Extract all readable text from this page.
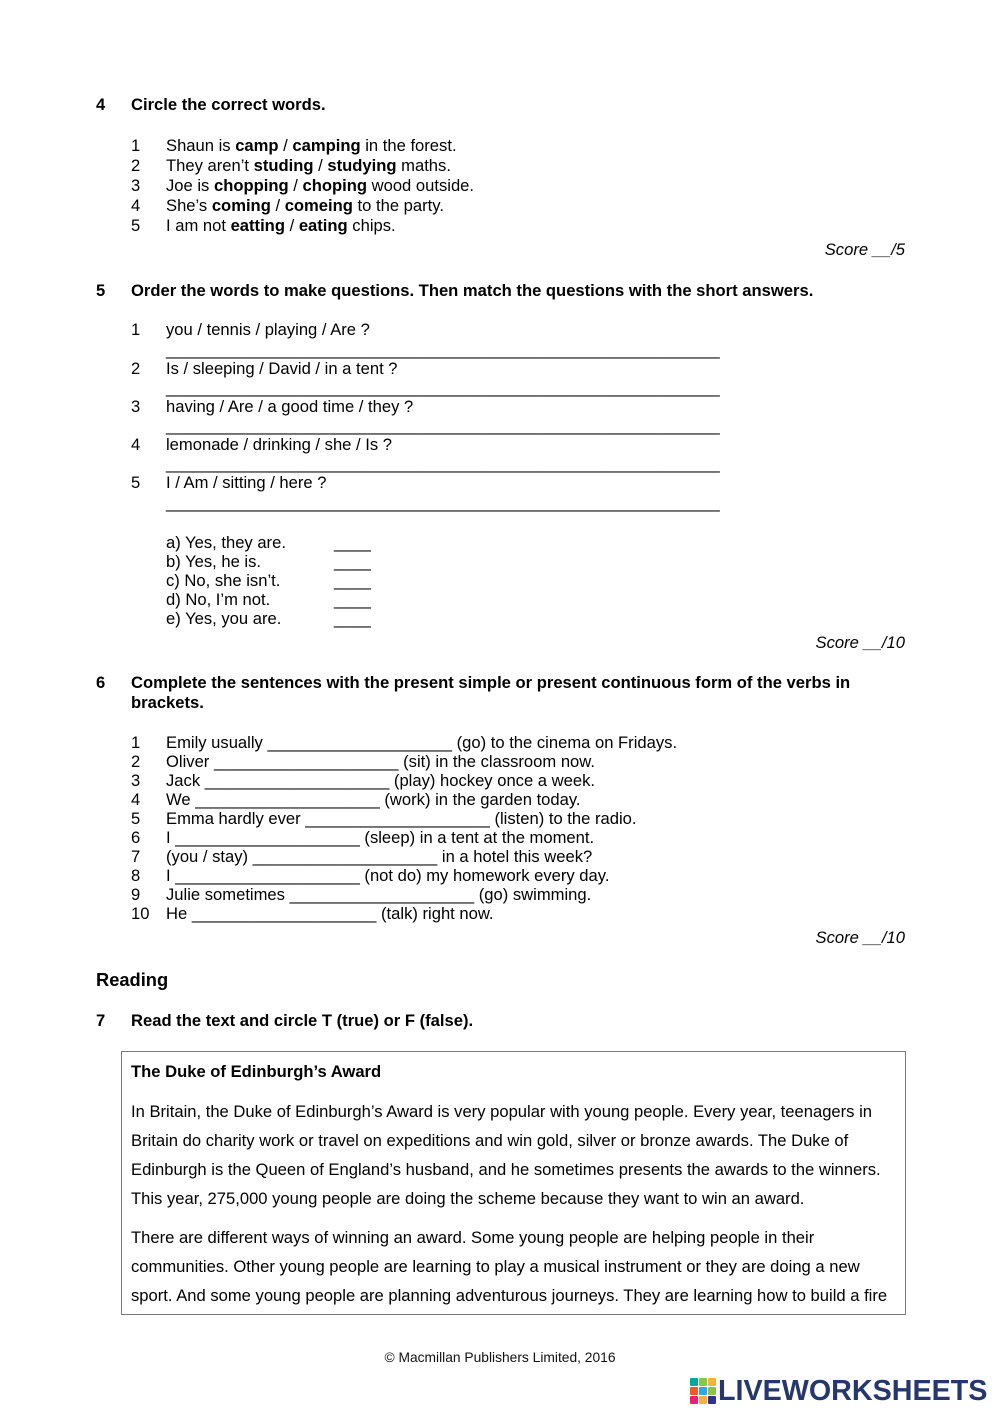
4	Circle the correct words.
1	Shaun is camp / camping in the forest.
2	They aren’t studing / studying maths.
3	Joe is chopping / choping wood outside.
4	She’s coming / comeing to the party.
5	I am not eatting / eating chips.
Score __/5
5	Order the words to make questions. Then match the questions with the short answers.
1	you / tennis / playing / Are ?
____________________________________________________________
2	Is / sleeping / David / in a tent ?
____________________________________________________________
3	having / Are / a good time / they ?
____________________________________________________________
4	lemonade / drinking / she / Is ?
____________________________________________________________
5	I / Am / sitting / here ?
____________________________________________________________
a) Yes, they are.	____
b) Yes, he is.	____
c) No, she isn’t.	____
d) No, I’m not.	____
e) Yes, you are.	____
Score __/10
6	Complete the sentences with the present simple or present continuous form of the verbs in brackets.
1	Emily usually ____________________ (go) to the cinema on Fridays.
2	Oliver ____________________ (sit) in the classroom now.
3	Jack ____________________ (play) hockey once a week.
4	We ____________________ (work) in the garden today.
5	Emma hardly ever ____________________ (listen) to the radio.
6	I ____________________ (sleep) in a tent at the moment.
7	(you / stay) ____________________ in a hotel this week?
8	I ____________________ (not do) my homework every day.
9	Julie sometimes ____________________ (go) swimming.
10 He ____________________ (talk) right now.
Score __/10
Reading
7	Read the text and circle T (true) or F (false).
The Duke of Edinburgh’s Award
In Britain, the Duke of Edinburgh’s Award is very popular with young people. Every year, teenagers in Britain do charity work or travel on expeditions and win gold, silver or bronze awards. The Duke of Edinburgh is the Queen of England’s husband, and he sometimes presents the awards to the winners. This year, 275,000 young people are doing the scheme because they want to win an award.
There are different ways of winning an award. Some young people are helping people in their communities. Other young people are learning to play a musical instrument or they are doing a new sport. And some young people are planning adventurous journeys. They are learning how to build a fire
© Macmillan Publishers Limited, 2016
LIVEWORKSHEETS
